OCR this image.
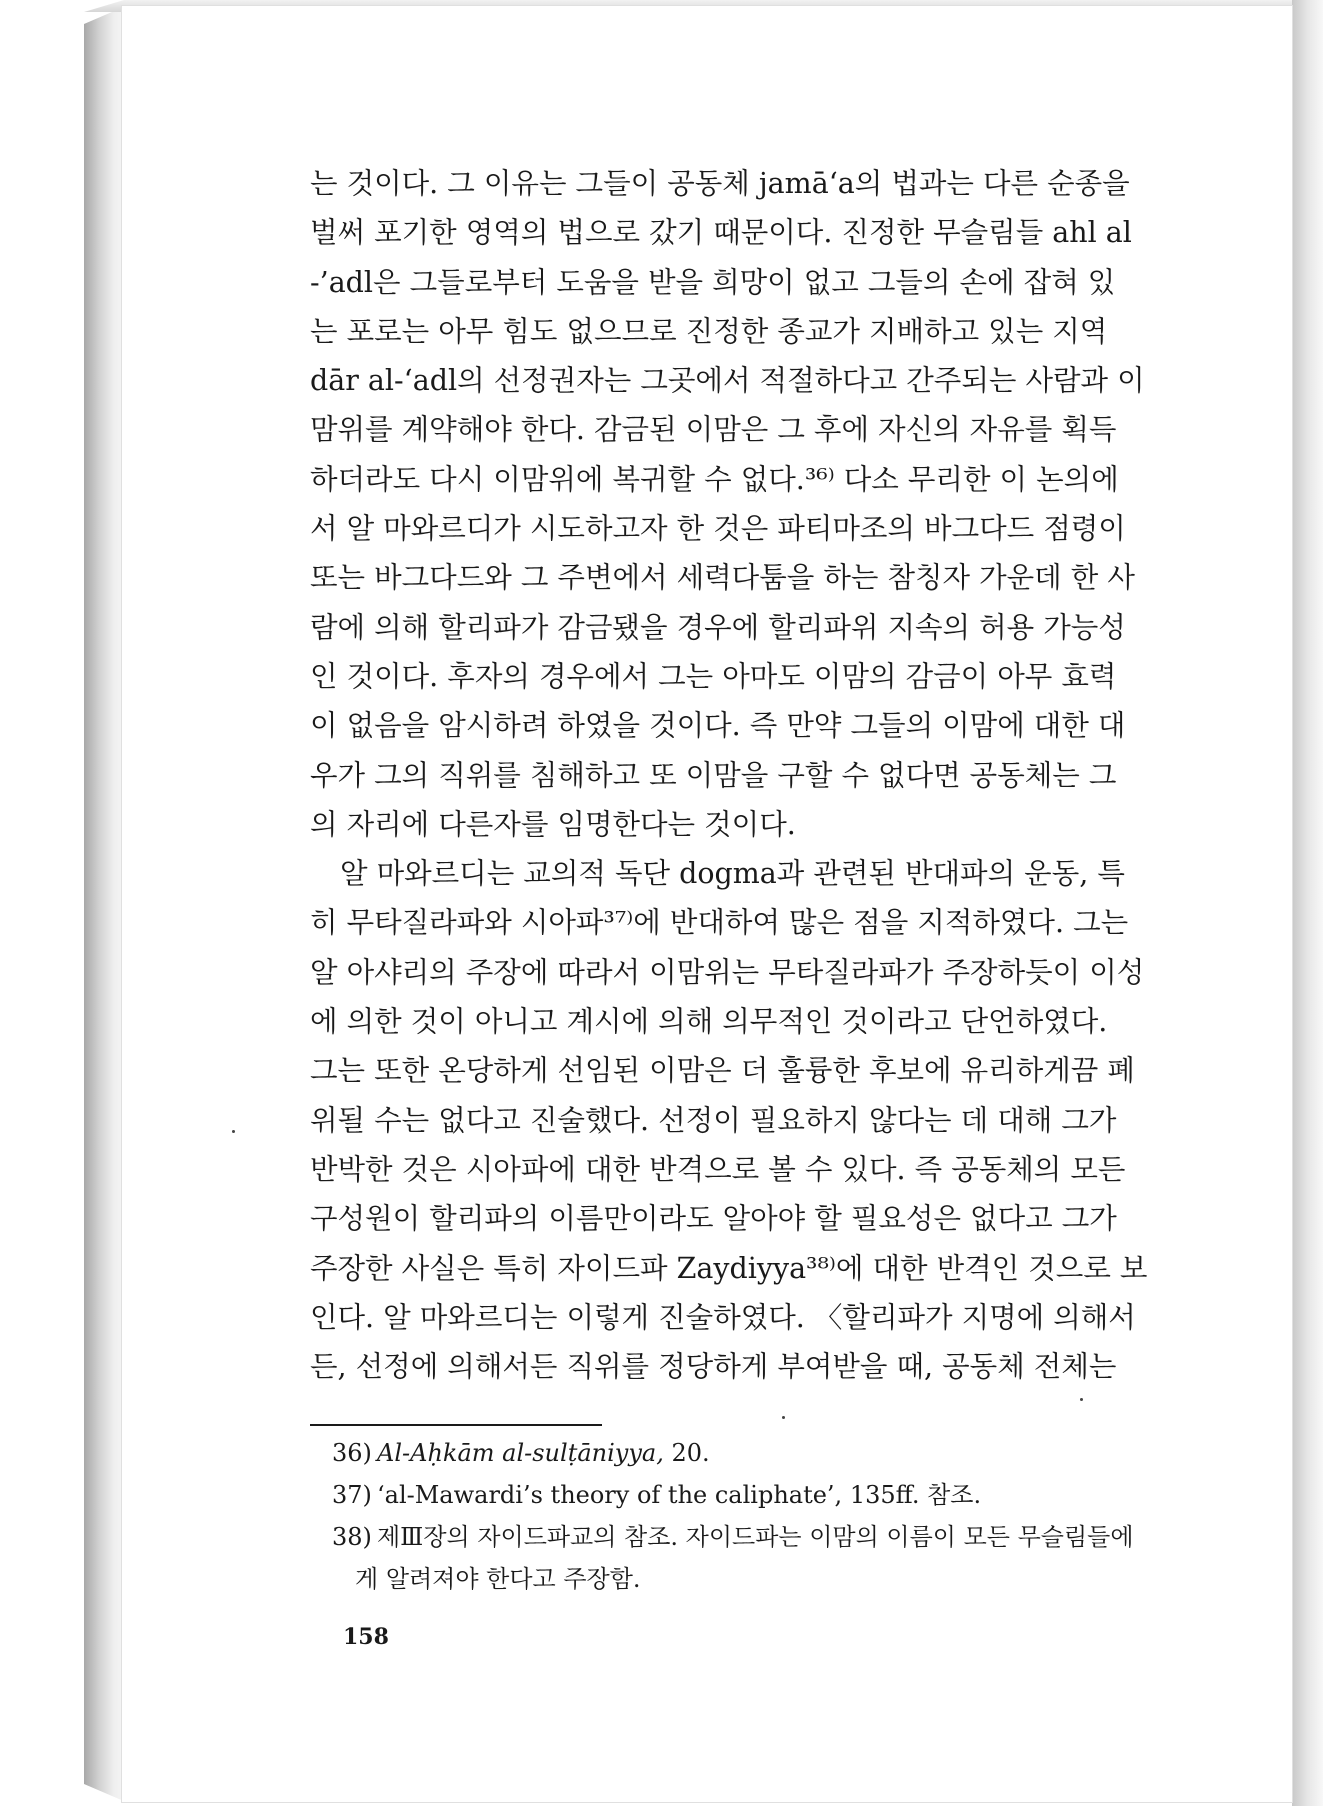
는 것이다. 그 이유는 그들이 공동체 jamā‘a의 법과는 다른 순종을
벌써 포기한 영역의 법으로 갔기 때문이다. 진정한 무슬림들 ahl al
-’adl은 그들로부터 도움을 받을 희망이 없고 그들의 손에 잡혀 있
는 포로는 아무 힘도 없으므로 진정한 종교가 지배하고 있는 지역
dār al-‘adl의 선정권자는 그곳에서 적절하다고 간주되는 사람과 이
맘위를 계약해야 한다. 감금된 이맘은 그 후에 자신의 자유를 획득
하더라도 다시 이맘위에 복귀할 수 없다.³⁶⁾ 다소 무리한 이 논의에
서 알 마와르디가 시도하고자 한 것은 파티마조의 바그다드 점령이
또는 바그다드와 그 주변에서 세력다툼을 하는 참칭자 가운데 한 사
람에 의해 할리파가 감금됐을 경우에 할리파위 지속의 허용 가능성
인 것이다. 후자의 경우에서 그는 아마도 이맘의 감금이 아무 효력
이 없음을 암시하려 하였을 것이다. 즉 만약 그들의 이맘에 대한 대
우가 그의 직위를 침해하고 또 이맘을 구할 수 없다면 공동체는 그
의 자리에 다른자를 임명한다는 것이다.
알 마와르디는 교의적 독단 dogma과 관련된 반대파의 운동, 특
히 무타질라파와 시아파³⁷⁾에 반대하여 많은 점을 지적하였다. 그는
알 아샤리의 주장에 따라서 이맘위는 무타질라파가 주장하듯이 이성
에 의한 것이 아니고 계시에 의해 의무적인 것이라고 단언하였다.
그는 또한 온당하게 선임된 이맘은 더 훌륭한 후보에 유리하게끔 폐
위될 수는 없다고 진술했다. 선정이 필요하지 않다는 데 대해 그가
반박한 것은 시아파에 대한 반격으로 볼 수 있다. 즉 공동체의 모든
구성원이 할리파의 이름만이라도 알아야 할 필요성은 없다고 그가
주장한 사실은 특히 자이드파 Zaydiyya³⁸⁾에 대한 반격인 것으로 보
인다. 알 마와르디는 이렇게 진술하였다. 〈할리파가 지명에 의해서
든, 선정에 의해서든 직위를 정당하게 부여받을 때, 공동체 전체는
36) Al-Aḥkām al-sulṭāniyya, 20.
37) ‘al-Mawardi’s theory of the caliphate’, 135ff. 참조.
38) 제Ⅲ장의 자이드파교의 참조. 자이드파는 이맘의 이름이 모든 무슬림들에
게 알려져야 한다고 주장함.
158
